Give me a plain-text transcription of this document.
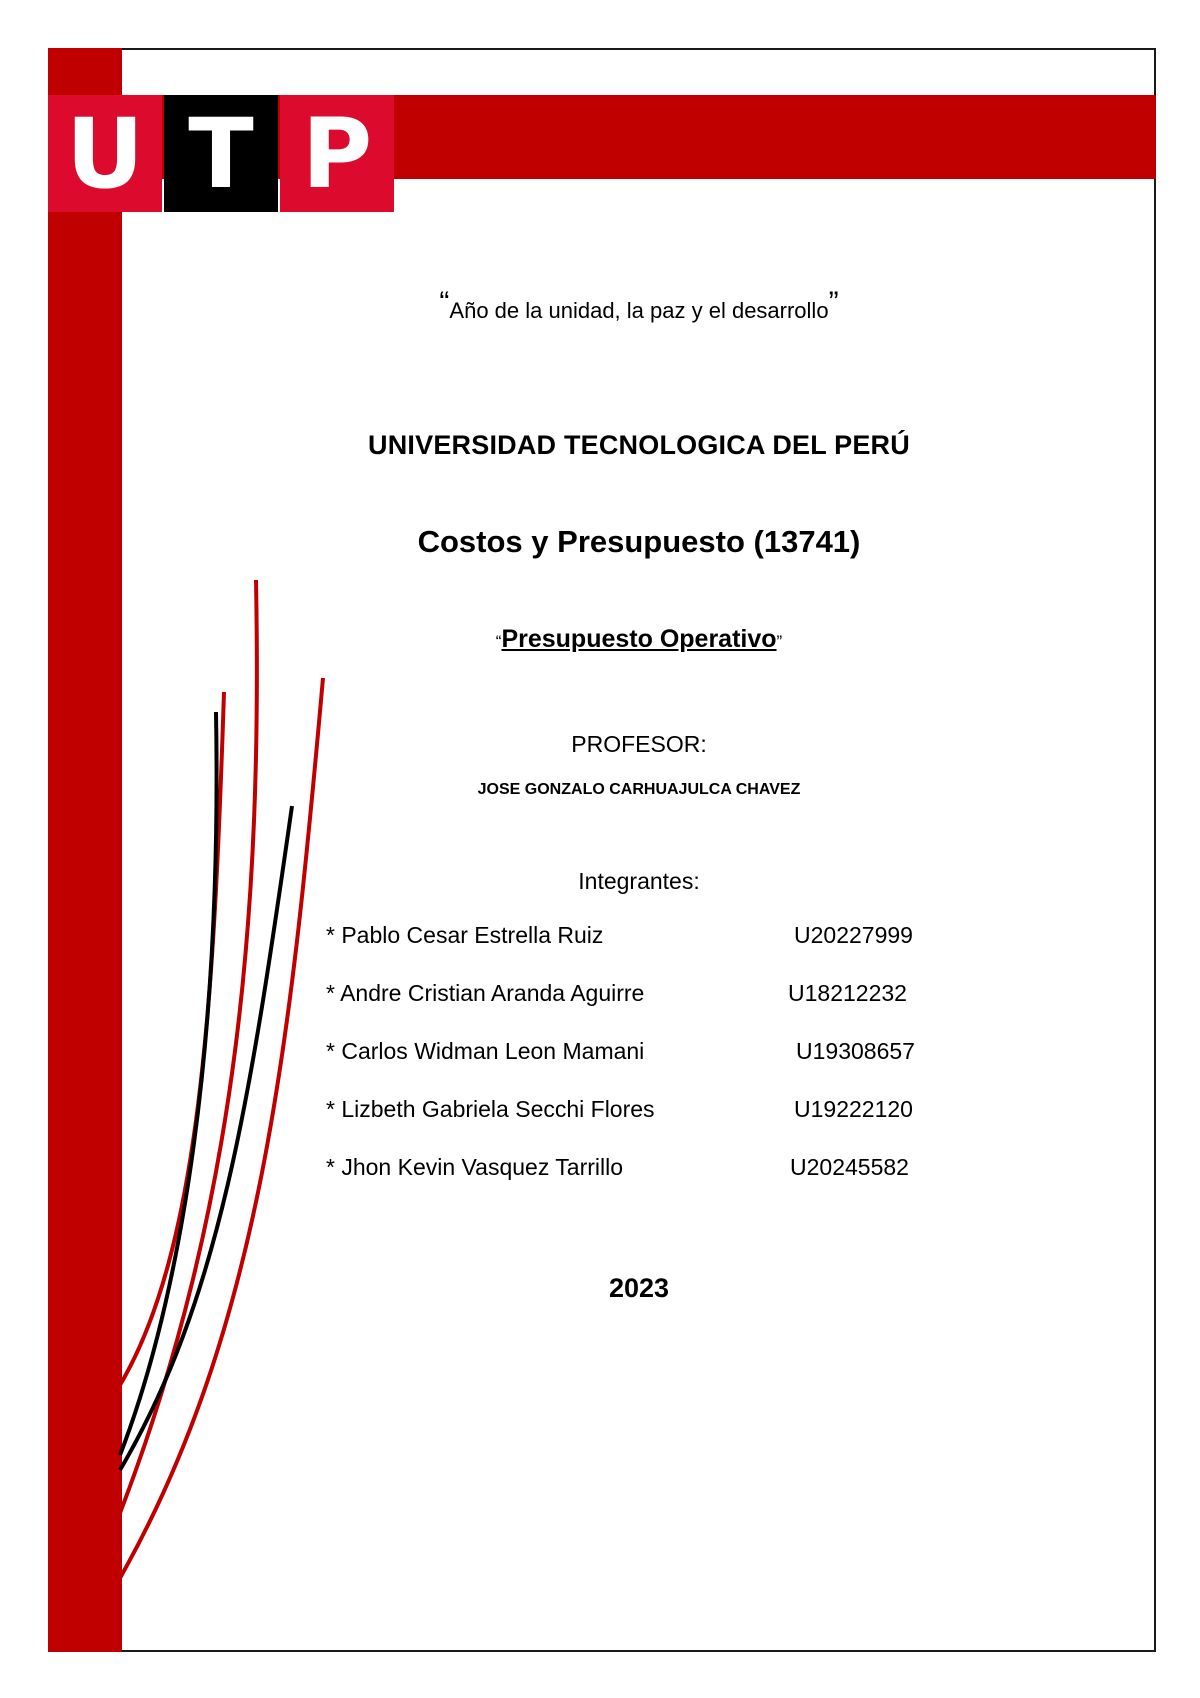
U T P

“Año de la unidad, la paz y el desarrollo”

UNIVERSIDAD TECNOLOGICA DEL PERÚ

Costos y Presupuesto (13741)

“Presupuesto Operativo”

PROFESOR:

JOSE GONZALO CARHUAJULCA CHAVEZ

Integrantes:

* Pablo Cesar Estrella Ruiz	U20227999
* Andre Cristian Aranda Aguirre	U18212232
* Carlos Widman Leon Mamani	U19308657
* Lizbeth Gabriela Secchi Flores	U19222120
* Jhon Kevin Vasquez Tarrillo	U20245582

2023
